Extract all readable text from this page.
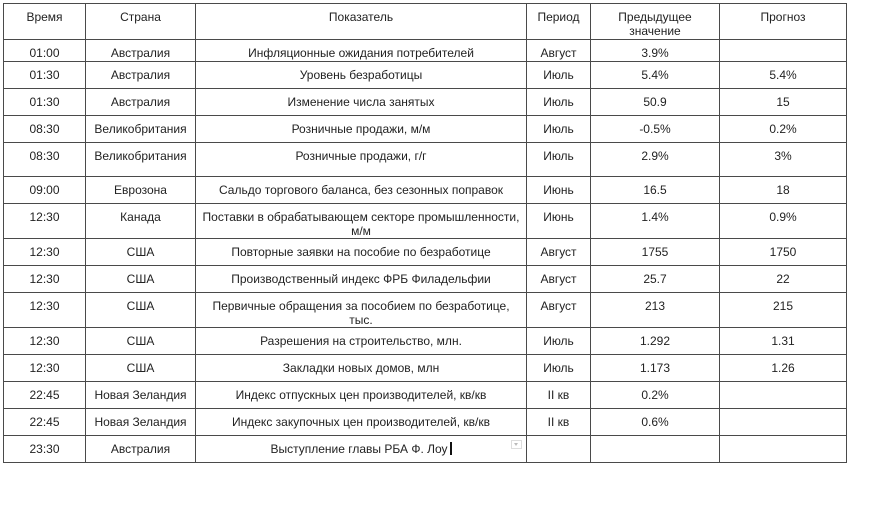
Время	Страна	Показатель	Период	Предыдущее значение	Прогноз
01:00	Австралия	Инфляционные ожидания потребителей	Август	3.9%	
01:30	Австралия	Уровень безработицы	Июль	5.4%	5.4%
01:30	Австралия	Изменение числа занятых	Июль	50.9	15
08:30	Великобритания	Розничные продажи, м/м	Июль	-0.5%	0.2%
08:30	Великобритания	Розничные продажи, г/г	Июль	2.9%	3%
09:00	Еврозона	Сальдо торгового баланса, без сезонных поправок	Июнь	16.5	18
12:30	Канада	Поставки в обрабатывающем секторе промышленности, м/м	Июнь	1.4%	0.9%
12:30	США	Повторные заявки на пособие по безработице	Август	1755	1750
12:30	США	Производственный индекс ФРБ Филадельфии	Август	25.7	22
12:30	США	Первичные обращения за пособием по безработице, тыс.	Август	213	215
12:30	США	Разрешения на строительство, млн.	Июль	1.292	1.31
12:30	США	Закладки новых домов, млн	Июль	1.173	1.26
22:45	Новая Зеландия	Индекс отпускных цен производителей, кв/кв	II кв	0.2%	
22:45	Новая Зеландия	Индекс закупочных цен производителей, кв/кв	II кв	0.6%	
23:30	Австралия	Выступление главы РБА Ф. Лоу
